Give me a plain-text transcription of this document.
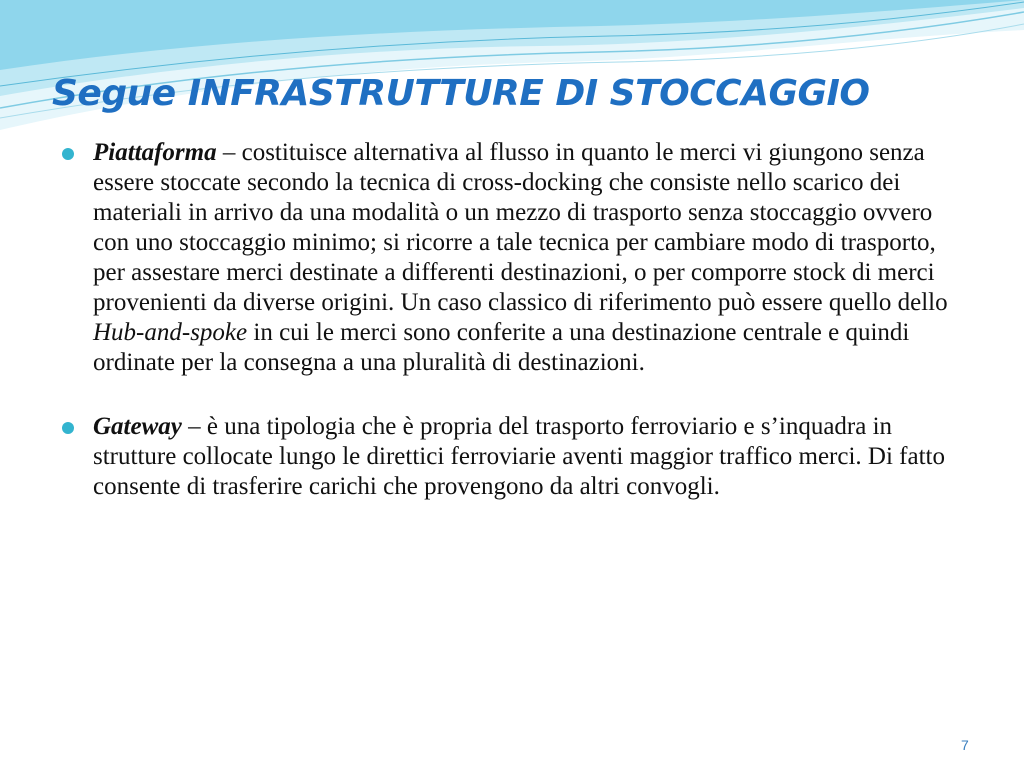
Segue INFRASTRUTTURE DI STOCCAGGIO
Piattaforma – costituisce alternativa al flusso in quanto le merci vi giungono senza essere stoccate secondo la tecnica di cross-docking che consiste nello scarico dei materiali in arrivo da una modalità o un mezzo di trasporto senza stoccaggio ovvero con uno stoccaggio minimo; si ricorre a tale tecnica per cambiare modo di trasporto, per assestare merci destinate a differenti destinazioni, o per comporre stock di merci provenienti da diverse origini. Un caso classico di riferimento può essere quello dello Hub-and-spoke in cui le merci sono conferite a una destinazione centrale e quindi ordinate per la consegna a una pluralità di destinazioni.
Gateway – è una tipologia che è propria del trasporto ferroviario e s’inquadra in strutture collocate lungo le direttici ferroviarie aventi maggior traffico merci. Di fatto consente di trasferire carichi che provengono da altri convogli.
7
